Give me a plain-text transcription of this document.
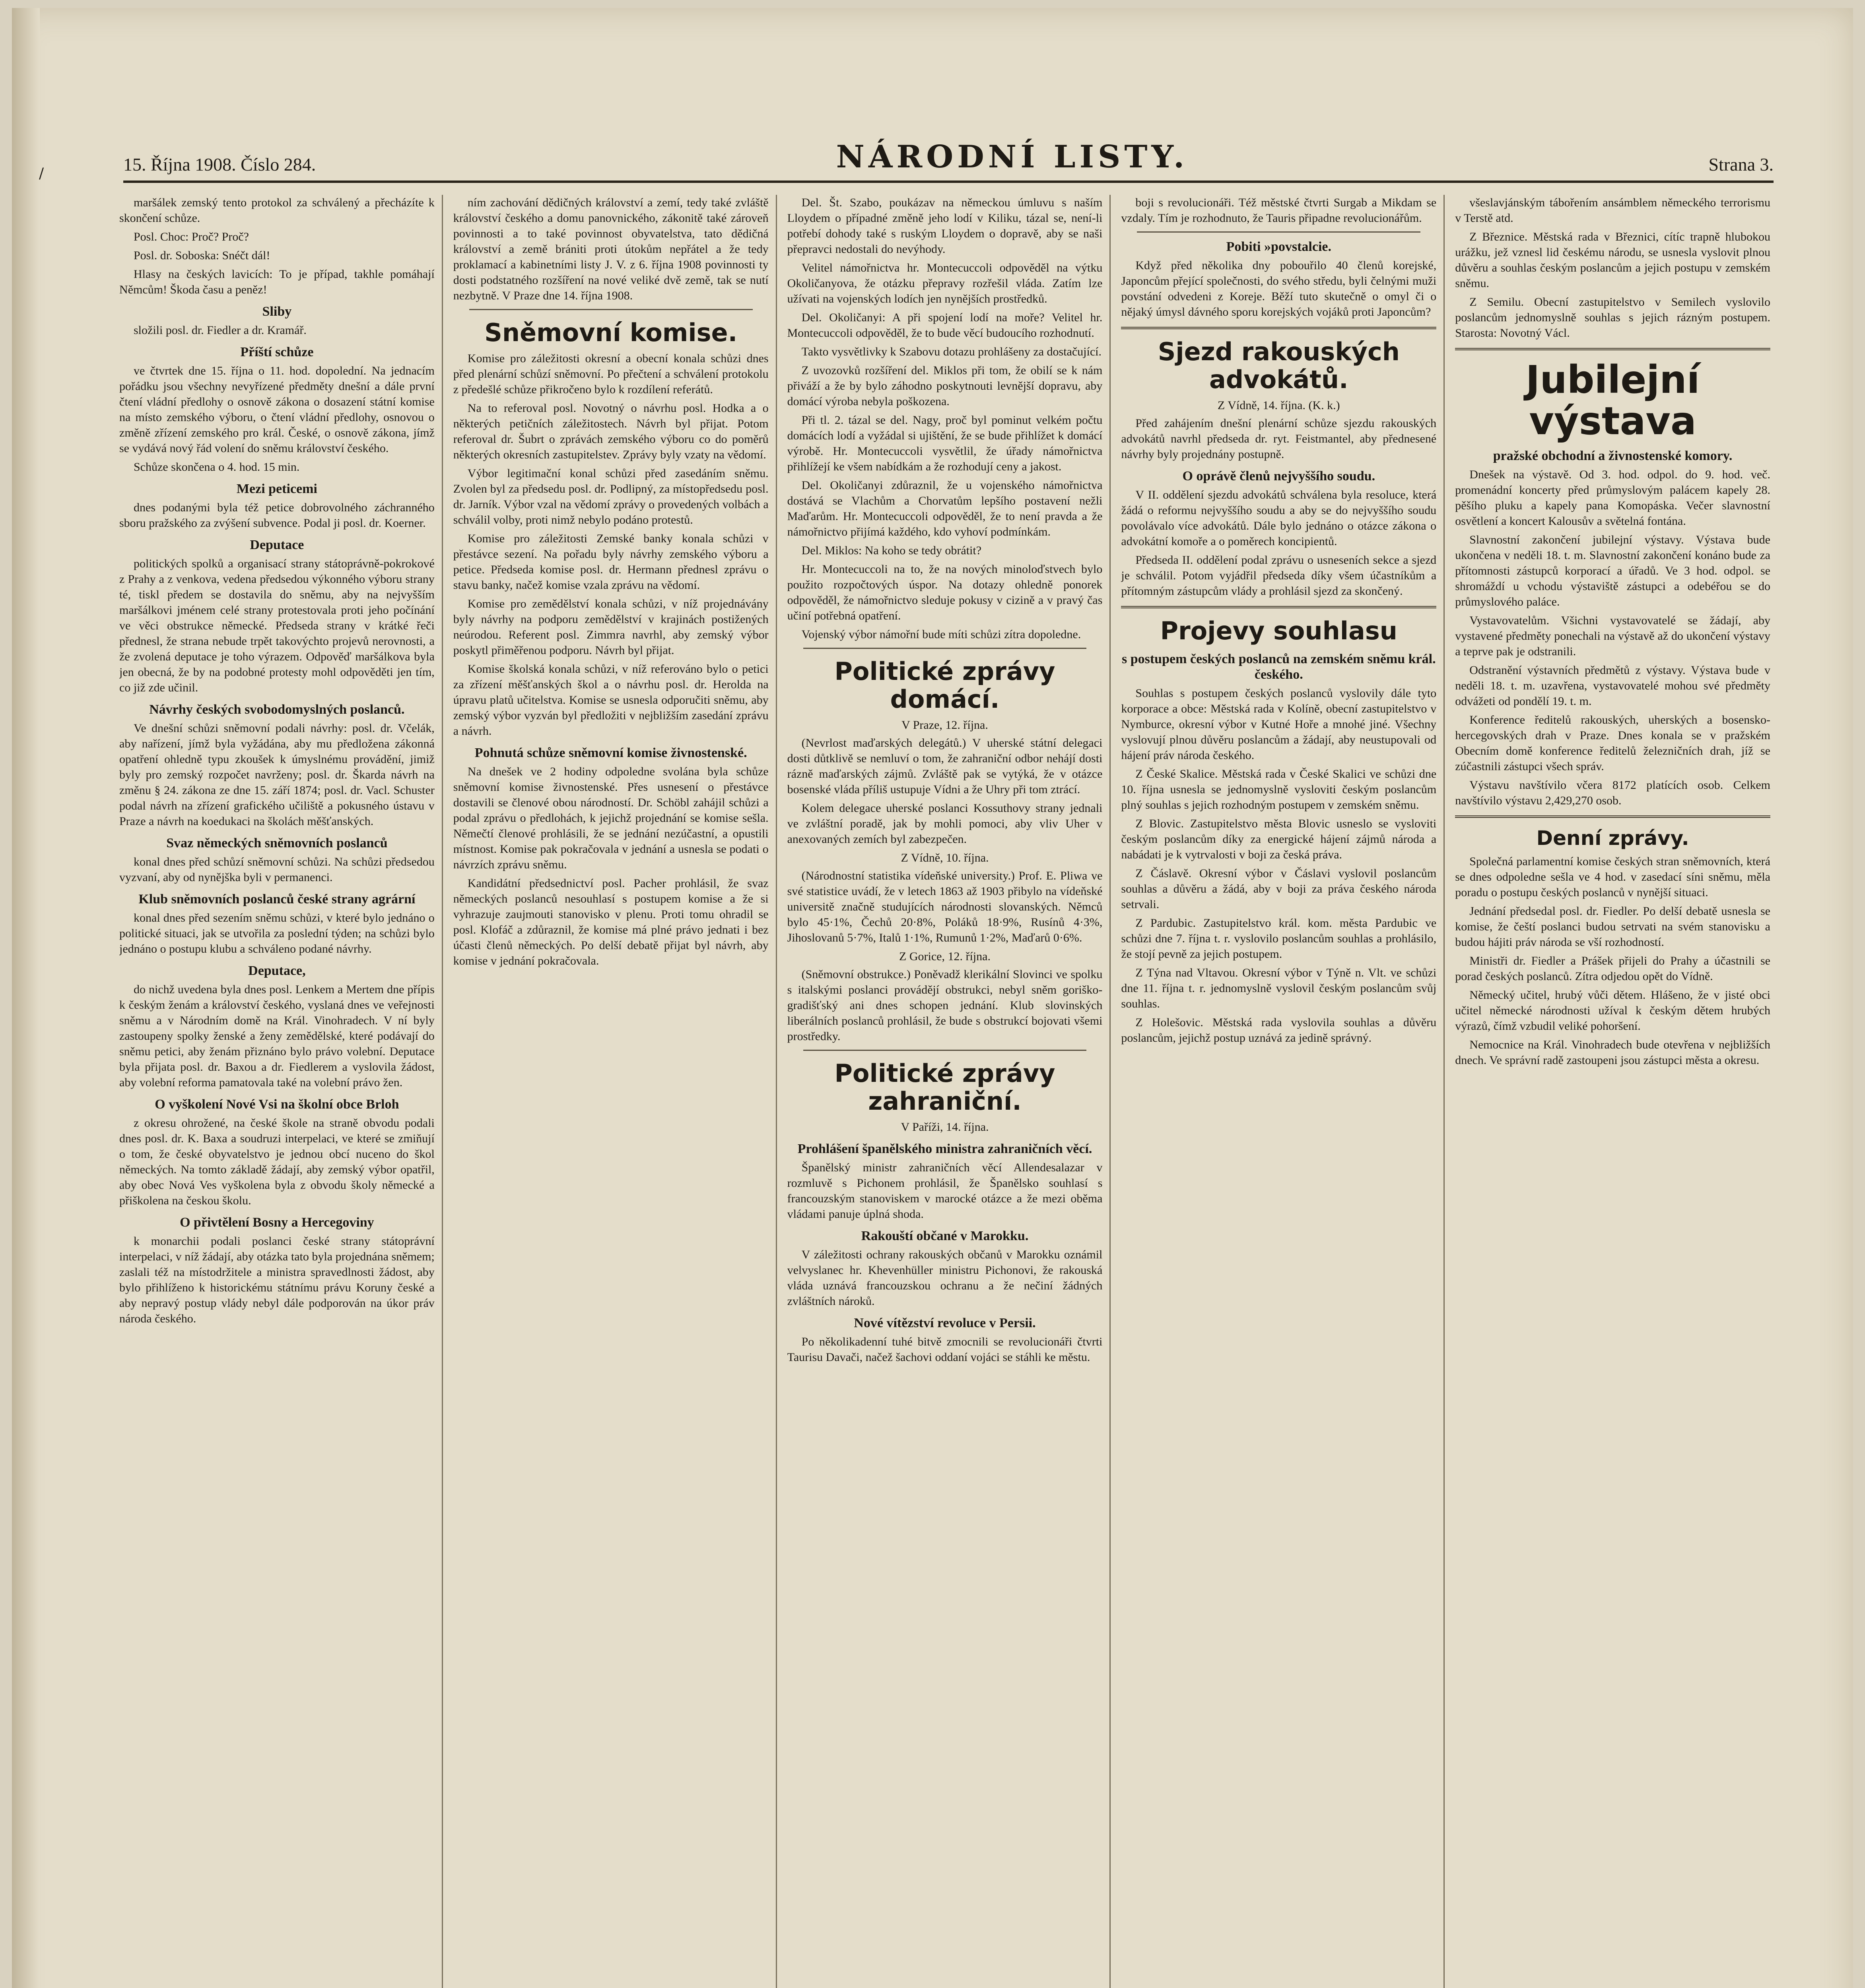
/	15. Října 1908. Číslo 284.	NÁRODNÍ LISTY.	Strana 3.

maršálek zemský tento protokol za schválený a přecházíte k skončení schůze.

Posl. Choc: Proč? Proč?

Posl. dr. Soboska: Snéčt dál!

Hlasy na českých lavicích: To je případ, takhle pomáhají Němcům! Škoda času a peněz!

Sliby

složili posl. dr. Fiedler a dr. Kramář.

Příští schůze

ve čtvrtek dne 15. října o 11. hod. dopolední. Na jednacím pořádku jsou všechny nevyřízené předměty dnešní a dále první čtení vládní předlohy o osnově zákona o dosazení státní komise na místo zemského výboru, o čtení vládní předlohy, osnovou o změně zřízení zemského pro král. České, o osnově zákona, jímž se vydává nový řád volení do sněmu království českého.

Schůze skončena o 4. hod. 15 min.

Mezi peticemi

dnes podanými byla též petice dobrovolného záchranného sboru pražského za zvýšení subvence. Podal ji posl. dr. Koerner.

Deputace

politických spolků a organisací strany státoprávně-pokrokové z Prahy a z venkova, vedena předsedou výkonného výboru strany té, tiskl předem se dostavila do sněmu, aby na nejvyšším maršálkovi jménem celé strany protestovala proti jeho počínání ve věci obstrukce německé. Předseda strany v krátké řeči přednesl, že strana nebude trpět takovýchto projevů nerovnosti, a že zvolená deputace je toho výrazem. Odpověď maršálkova byla jen obecná, že by na podobné protesty mohl odpověděti jen tím, co již zde učinil.

Návrhy českých svobodomyslných poslanců.

Ve dnešní schůzi sněmovní podali návrhy: posl. dr. Včelák, aby nařízení, jímž byla vyžádána, aby mu předložena zákonná opatření ohledně typu zkoušek k úmyslnému provádění, jimiž byly pro zemský rozpočet navrženy; posl. dr. Škarda návrh na změnu § 24. zákona ze dne 15. září 1874; posl. dr. Vacl. Schuster podal návrh na zřízení grafického učiliště a pokusného ústavu v Praze a návrh na koedukaci na školách měšťanských.

Svaz německých sněmovních poslanců

konal dnes před schůzí sněmovní schůzi. Na schůzi předsedou vyzvaní, aby od nynějška byli v permanenci.

Klub sněmovních poslanců české strany agrární

konal dnes před sezením sněmu schůzi, v které bylo jednáno o politické situaci, jak se utvořila za poslední týden; na schůzi bylo jednáno o postupu klubu a schváleno podané návrhy.

Deputace,

do nichž uvedena byla dnes posl. Lenkem a Mertem dne přípis k českým ženám a království českého, vyslaná dnes ve veřejnosti sněmu a v Národním domě na Král. Vinohradech. V ní byly zastoupeny spolky ženské a ženy zemědělské, které podávají do sněmu petici, aby ženám přiznáno bylo právo volební. Deputace byla přijata posl. dr. Baxou a dr. Fiedlerem a vyslovila žádost, aby volební reforma pamatovala také na volební právo žen.

O vyškolení Nové Vsi na školní obce Brloh

z okresu ohrožené, na české škole na straně obvodu podali dnes posl. dr. K. Baxa a soudruzi interpelaci, ve které se zmiňují o tom, že české obyvatelstvo je jednou obcí nuceno do škol německých. Na tomto základě žádají, aby zemský výbor opatřil, aby obec Nová Ves vyškolena byla z obvodu školy německé a přiškolena na českou školu.

O přivtělení Bosny a Hercegoviny

k monarchii podali poslanci české strany státoprávní interpelaci, v níž žádají, aby otázka tato byla projednána sněmem; zaslali též na místodržitele a ministra spravedlnosti žádost, aby bylo přihlíženo k historickému státnímu právu Koruny české a aby nepravý postup vlády nebyl dále podporován na úkor práv národa českého.

ním zachování dědičných království a zemí, tedy také zvláště království českého a domu panovnického, zákonitě také zároveň povinnosti a to také povinnost obyvatelstva, tato dědičná království a země brániti proti útokům nepřátel a že tedy proklamací a kabinetními listy J. V. z 6. října 1908 povinnosti ty dosti podstatného rozšíření na nové veliké dvě země, tak se nutí nezbytně. V Praze dne 14. října 1908.

Sněmovní komise.

Komise pro záležitosti okresní a obecní konala schůzi dnes před plenární schůzí sněmovní. Po přečtení a schválení protokolu z předešlé schůze přikročeno bylo k rozdílení referátů.

Na to referoval posl. Novotný o návrhu posl. Hodka a o některých petičních záležitostech. Návrh byl přijat. Potom referoval dr. Šubrt o zprávách zemského výboru co do poměrů některých okresních zastupitelstev. Zprávy byly vzaty na vědomí.

Výbor legitimační konal schůzi před zasedáním sněmu. Zvolen byl za předsedu posl. dr. Podlipný, za místopředsedu posl. dr. Jarník. Výbor vzal na vědomí zprávy o provedených volbách a schválil volby, proti nimž nebylo podáno protestů.

Komise pro záležitosti Zemské banky konala schůzi v přestávce sezení. Na pořadu byly návrhy zemského výboru a petice. Předseda komise posl. dr. Hermann přednesl zprávu o stavu banky, načež komise vzala zprávu na vědomí.

Komise pro zemědělství konala schůzi, v níž projednávány byly návrhy na podporu zemědělství v krajinách postižených neúrodou. Referent posl. Zimmra navrhl, aby zemský výbor poskytl přiměřenou podporu. Návrh byl přijat.

Komise školská konala schůzi, v níž referováno bylo o petici za zřízení měšťanských škol a o návrhu posl. dr. Herolda na úpravu platů učitelstva. Komise se usnesla odporučiti sněmu, aby zemský výbor vyzván byl předložiti v nejbližším zasedání zprávu a návrh.

Pohnutá schůze sněmovní komise živnostenské.

Na dnešek ve 2 hodiny odpoledne svolána byla schůze sněmovní komise živnostenské. Přes usnesení o přestávce dostavili se členové obou národností. Dr. Schöbl zahájil schůzi a podal zprávu o předlohách, k jejichž projednání se komise sešla. Němečtí členové prohlásili, že se jednání nezúčastní, a opustili místnost. Komise pak pokračovala v jednání a usnesla se podati o návrzích zprávu sněmu.

Kandidátní předsednictví posl. Pacher prohlásil, že svaz německých poslanců nesouhlasí s postupem komise a že si vyhrazuje zaujmouti stanovisko v plenu. Proti tomu ohradil se posl. Klofáč a zdůraznil, že komise má plné právo jednati i bez účasti členů německých. Po delší debatě přijat byl návrh, aby komise v jednání pokračovala.

Del. Št. Szabo, poukázav na německou úmluvu s naším Lloydem o případné změně jeho lodí v Kiliku, tázal se, není-li potřebí dohody také s ruským Lloydem o dopravě, aby se naši přepravci nedostali do nevýhody.

Velitel námořnictva hr. Montecuccoli odpověděl na výtku Okoličanyova, že otázku přepravy rozřešil vláda. Zatím lze užívati na vojenských lodích jen nynějších prostředků.

Del. Okoličanyi: A při spojení lodí na moře? Velitel hr. Montecuccoli odpověděl, že to bude věcí budoucího rozhodnutí.

Takto vysvětlivky k Szabovu dotazu prohlášeny za dostačující.

Z uvozovků rozšíření del. Miklos při tom, že obilí se k nám přiváží a že by bylo záhodno poskytnouti levnější dopravu, aby domácí výroba nebyla poškozena.

Při tl. 2. tázal se del. Nagy, proč byl pominut velkém počtu domácích lodí a vyžádal si ujištění, že se bude přihlížet k domácí výrobě. Hr. Montecuccoli vysvětlil, že úřady námořnictva přihlížejí ke všem nabídkám a že rozhodují ceny a jakost.

Del. Okoličanyi zdůraznil, že u vojenského námořnictva dostává se Vlachům a Chorvatům lepšího postavení nežli Maďarům. Hr. Montecuccoli odpověděl, že to není pravda a že námořnictvo přijímá každého, kdo vyhoví podmínkám.

Del. Miklos: Na koho se tedy obrátit?

Hr. Montecuccoli na to, že na nových minoloďstvech bylo použito rozpočtových úspor. Na dotazy ohledně ponorek odpověděl, že námořnictvo sleduje pokusy v cizině a v pravý čas učiní potřebná opatření.

Vojenský výbor námořní bude míti schůzi zítra dopoledne.

Politické zprávy domácí.
V Praze, 12. října.

(Nevrlost maďarských delegátů.) V uherské státní delegaci dosti důtklivě se nemluví o tom, že zahraniční odbor nehájí dosti rázně maďarských zájmů. Zvláště pak se vytýká, že v otázce bosenské vláda příliš ustupuje Vídni a že Uhry při tom ztrácí.

Kolem delegace uherské poslanci Kossuthovy strany jednali ve zvláštní poradě, jak by mohli pomoci, aby vliv Uher v anexovaných zemích byl zabezpečen.

Z Vídně, 10. října.

(Národnostní statistika vídeňské university.) Prof. E. Pliwa ve své statistice uvádí, že v letech 1863 až 1903 přibylo na vídeňské universitě značně studujících národnosti slovanských. Němců bylo 45·1%, Čechů 20·8%, Poláků 18·9%, Rusínů 4·3%, Jihoslovanů 5·7%, Italů 1·1%, Rumunů 1·2%, Maďarů 0·6%.

Z Gorice, 12. října.

(Sněmovní obstrukce.) Poněvadž klerikální Slovinci ve spolku s italskými poslanci provádějí obstrukci, nebyl sněm goriško-gradišťský ani dnes schopen jednání. Klub slovinských liberálních poslanců prohlásil, že bude s obstrukcí bojovati všemi prostředky.

Politické zprávy zahraniční.
V Paříži, 14. října.
Prohlášení španělského ministra zahraničních věcí.

Španělský ministr zahraničních věcí Allendesalazar v rozmluvě s Pichonem prohlásil, že Španělsko souhlasí s francouzským stanoviskem v marocké otázce a že mezi oběma vládami panuje úplná shoda.

Rakouští občané v Marokku.

V záležitosti ochrany rakouských občanů v Marokku oznámil velvyslanec hr. Khevenhüller ministru Pichonovi, že rakouská vláda uznává francouzskou ochranu a že nečiní žádných zvláštních nároků.

Nové vítězství revoluce v Persii.

Po několikadenní tuhé bitvě zmocnili se revolucionáři čtvrti Taurisu Davači, načež šachovi oddaní vojáci se stáhli ke městu.

boji s revolucionáři. Též městské čtvrti Surgab a Mikdam se vzdaly. Tím je rozhodnuto, že Tauris připadne revolucionářům.

Pobiti »povstalcie.

Když před několika dny pobouřilo 40 členů korejské, Japoncům přející společnosti, do svého středu, byli čelnými muži povstání odvedeni z Koreje. Běží tuto skutečně o omyl či o nějaký úmysl dávného sporu korejských vojáků proti Japoncům?

Sjezd rakouských advokátů.
Z Vídně, 14. října. (K. k.)

Před zahájením dnešní plenární schůze sjezdu rakouských advokátů navrhl předseda dr. ryt. Feistmantel, aby přednesené návrhy byly projednány postupně.

O oprávě členů nejvyššího soudu.

V II. oddělení sjezdu advokátů schválena byla resoluce, která žádá o reformu nejvyššího soudu a aby se do nejvyššího soudu povolávalo více advokátů. Dále bylo jednáno o otázce zákona o advokátní komoře a o poměrech koncipientů.

Předseda II. oddělení podal zprávu o usneseních sekce a sjezd je schválil. Potom vyjádřil předseda díky všem účastníkům a přítomným zástupcům vlády a prohlásil sjezd za skončený.

Projevy souhlasu
s postupem českých poslanců na zemském sněmu král. českého.

Souhlas s postupem českých poslanců vyslovily dále tyto korporace a obce: Městská rada v Kolíně, obecní zastupitelstvo v Nymburce, okresní výbor v Kutné Hoře a mnohé jiné. Všechny vyslovují plnou důvěru poslancům a žádají, aby neustupovali od hájení práv národa českého.

Z České Skalice. Městská rada v České Skalici ve schůzi dne 10. října usnesla se jednomyslně vysloviti českým poslancům plný souhlas s jejich rozhodným postupem v zemském sněmu.

Z Blovic. Zastupitelstvo města Blovic usneslo se vysloviti českým poslancům díky za energické hájení zájmů národa a nabádati je k vytrvalosti v boji za česká práva.

Z Čáslavě. Okresní výbor v Čáslavi vyslovil poslancům souhlas a důvěru a žádá, aby v boji za práva českého národa setrvali.

Z Pardubic. Zastupitelstvo král. kom. města Pardubic ve schůzi dne 7. října t. r. vyslovilo poslancům souhlas a prohlásilo, že stojí pevně za jejich postupem.

Z Týna nad Vltavou. Okresní výbor v Týně n. Vlt. ve schůzi dne 11. října t. r. jednomyslně vyslovil českým poslancům svůj souhlas.

Z Holešovic. Městská rada vyslovila souhlas a důvěru poslancům, jejichž postup uznává za jedině správný.

všeslavjánským tábořením ansámblem německého terrorismu v Terstě atd.

Z Březnice. Městská rada v Březnici, cítíc trapně hlubokou urážku, jež vznesl lid českému národu, se usnesla vyslovit plnou důvěru a souhlas českým poslancům a jejich postupu v zemském sněmu.

Z Semilu. Obecní zastupitelstvo v Semilech vyslovilo poslancům jednomyslně souhlas s jejich rázným postupem. Starosta: Novotný Václ.

Jubilejní výstava
pražské obchodní a živnostenské komory.

Dnešek na výstavě. Od 3. hod. odpol. do 9. hod. več. promenádní koncerty před průmyslovým palácem kapely 28. pěšího pluku a kapely pana Komopáska. Večer slavnostní osvětlení a koncert Kalousův a světelná fontána.

Slavnostní zakončení jubilejní výstavy. Výstava bude ukončena v neděli 18. t. m. Slavnostní zakončení konáno bude za přítomnosti zástupců korporací a úřadů. Ve 3 hod. odpol. se shromáždí u vchodu výstaviště zástupci a odebéřou se do průmyslového paláce.

Vystavovatelům. Všichni vystavovatelé se žádají, aby vystavené předměty ponechali na výstavě až do ukončení výstavy a teprve pak je odstranili.

Odstranění výstavních předmětů z výstavy. Výstava bude v neděli 18. t. m. uzavřena, vystavovatelé mohou své předměty odvážeti od pondělí 19. t. m.

Konference ředitelů rakouských, uherských a bosensko-hercegovských drah v Praze. Dnes konala se v pražském Obecním domě konference ředitelů železničních drah, jíž se zúčastnili zástupci všech správ.

Výstavu navštívilo včera 8172 platících osob. Celkem navštívilo výstavu 2,429,270 osob.

Denní zprávy.

Společná parlamentní komise českých stran sněmovních, která se dnes odpoledne sešla ve 4 hod. v zasedací síni sněmu, měla poradu o postupu českých poslanců v nynější situaci.

Jednání předsedal posl. dr. Fiedler. Po delší debatě usnesla se komise, že čeští poslanci budou setrvati na svém stanovisku a budou hájiti práv národa se vší rozhodností.

Ministři dr. Fiedler a Prášek přijeli do Prahy a účastnili se porad českých poslanců. Zítra odjedou opět do Vídně.

Německý učitel, hrubý vůči dětem. Hlášeno, že v jisté obci učitel německé národnosti užíval k českým dětem hrubých výrazů, čímž vzbudil veliké pohoršení.

Nemocnice na Král. Vinohradech bude otevřena v nejbližších dnech. Ve správní radě zastoupeni jsou zástupci města a okresu.
